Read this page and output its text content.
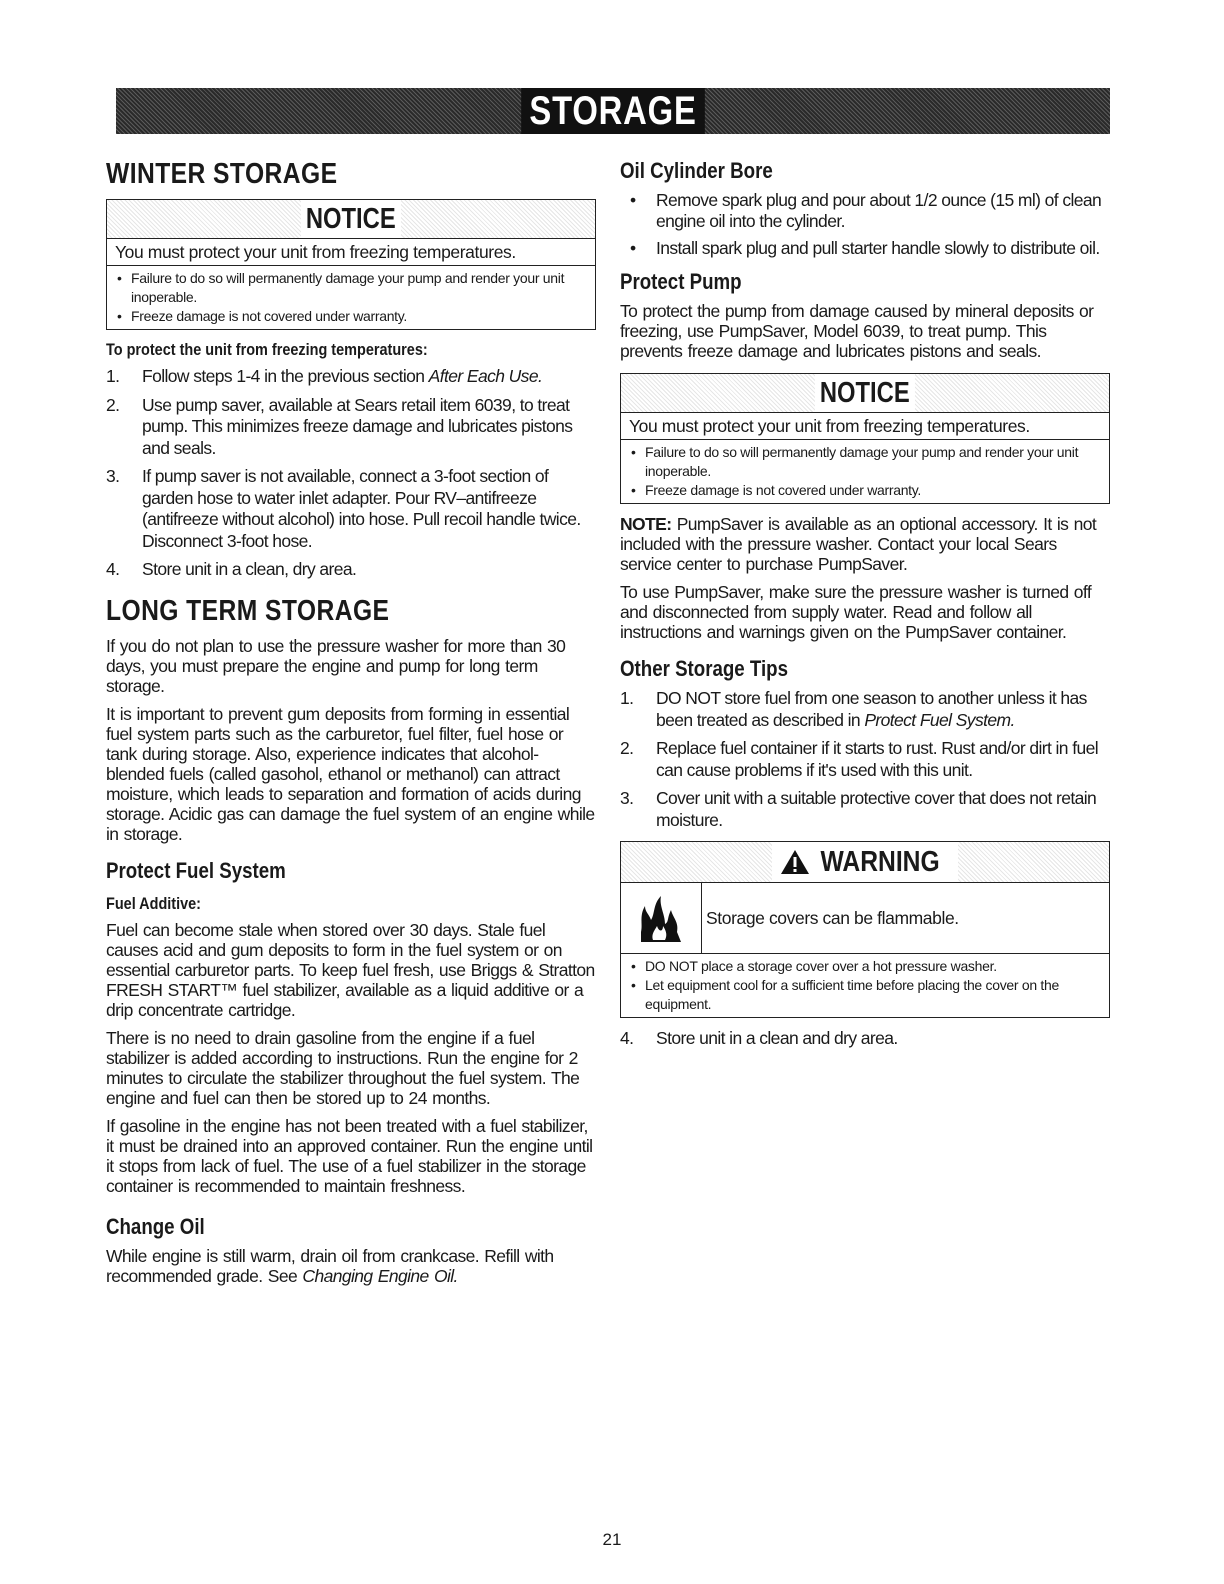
STORAGE
WINTER STORAGE
NOTICE
You must protect your unit from freezing temperatures.
• Failure to do so will permanently damage your pump and render your unit inoperable.
• Freeze damage is not covered under warranty.
To protect the unit from freezing temperatures:
1. Follow steps 1-4 in the previous section After Each Use.
2. Use pump saver, available at Sears retail item 6039, to treat pump. This minimizes freeze damage and lubricates pistons and seals.
3. If pump saver is not available, connect a 3-foot section of garden hose to water inlet adapter. Pour RV–antifreeze (antifreeze without alcohol) into hose. Pull recoil handle twice. Disconnect 3-foot hose.
4. Store unit in a clean, dry area.
LONG TERM STORAGE

If you do not plan to use the pressure washer for more than 30 days, you must prepare the engine and pump for long term storage.

It is important to prevent gum deposits from forming in essential fuel system parts such as the carburetor, fuel filter, fuel hose or tank during storage. Also, experience indicates that alcohol-blended fuels (called gasohol, ethanol or methanol) can attract moisture, which leads to separation and formation of acids during storage. Acidic gas can damage the fuel system of an engine while in storage.

Protect Fuel System
Fuel Additive:

Fuel can become stale when stored over 30 days. Stale fuel causes acid and gum deposits to form in the fuel system or on essential carburetor parts. To keep fuel fresh, use Briggs & Stratton FRESH START™ fuel stabilizer, available as a liquid additive or a drip concentrate cartridge.

There is no need to drain gasoline from the engine if a fuel stabilizer is added according to instructions. Run the engine for 2 minutes to circulate the stabilizer throughout the fuel system. The engine and fuel can then be stored up to 24 months.

If gasoline in the engine has not been treated with a fuel stabilizer, it must be drained into an approved container. Run the engine until it stops from lack of fuel. The use of a fuel stabilizer in the storage container is recommended to maintain freshness.

Change Oil

While engine is still warm, drain oil from crankcase. Refill with recommended grade. See Changing Engine Oil.

Oil Cylinder Bore
• Remove spark plug and pour about 1/2 ounce (15 ml) of clean engine oil into the cylinder.
• Install spark plug and pull starter handle slowly to distribute oil.
Protect Pump

To protect the pump from damage caused by mineral deposits or freezing, use PumpSaver, Model 6039, to treat pump. This prevents freeze damage and lubricates pistons and seals.

NOTICE
You must protect your unit from freezing temperatures.
• Failure to do so will permanently damage your pump and render your unit inoperable.
• Freeze damage is not covered under warranty.

NOTE: PumpSaver is available as an optional accessory. It is not included with the pressure washer. Contact your local Sears service center to purchase PumpSaver.

To use PumpSaver, make sure the pressure washer is turned off and disconnected from supply water. Read and follow all instructions and warnings given on the PumpSaver container.

Other Storage Tips
1. DO NOT store fuel from one season to another unless it has been treated as described in Protect Fuel System.
2. Replace fuel container if it starts to rust. Rust and/or dirt in fuel can cause problems if it's used with this unit.
3. Cover unit with a suitable protective cover that does not retain moisture.
WARNING
Storage covers can be flammable.
• DO NOT place a storage cover over a hot pressure washer.
• Let equipment cool for a sufficient time before placing the cover on the equipment.
4. Store unit in a clean and dry area.
21
